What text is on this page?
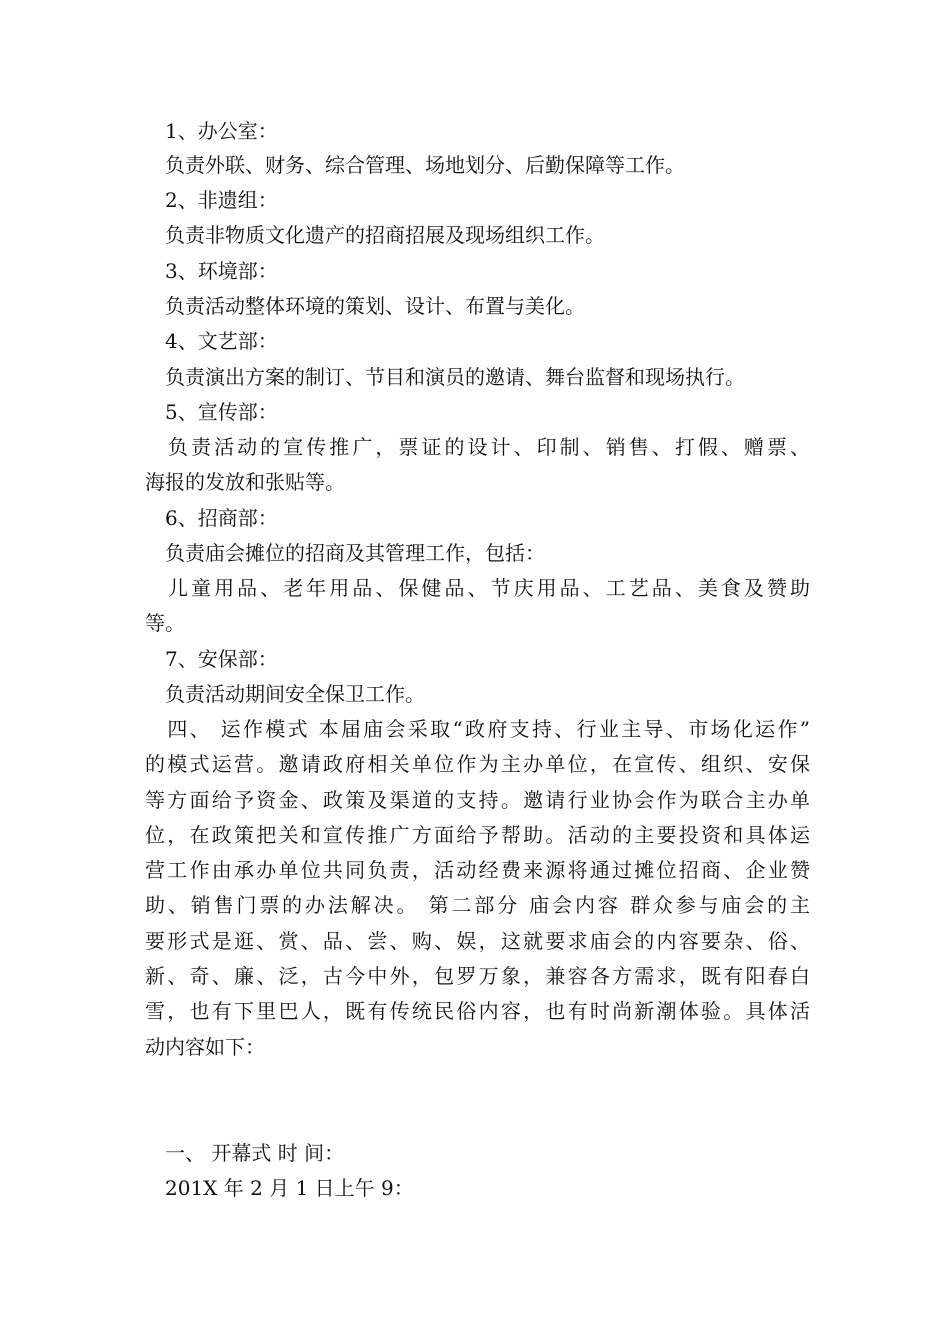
　1、办公室：
　负责外联、财务、综合管理、场地划分、后勤保障等工作。
　2、非遗组：
　负责非物质文化遗产的招商招展及现场组织工作。
　3、环境部：
　负责活动整体环境的策划、设计、布置与美化。
　4、文艺部：
　负责演出方案的制订、节目和演员的邀请、舞台监督和现场执行。
　5、宣传部：
　负责活动的宣传推广，票证的设计、印制、销售、打假、赠票、
海报的发放和张贴等。
　6、招商部：
　负责庙会摊位的招商及其管理工作，包括：
　儿童用品、老年用品、保健品、节庆用品、工艺品、美食及赞助
等。
　7、安保部：
　负责活动期间安全保卫工作。
　四、 运作模式 本届庙会采取“政府支持、行业主导、市场化运作”
的模式运营。邀请政府相关单位作为主办单位，在宣传、组织、安保
等方面给予资金、政策及渠道的支持。邀请行业协会作为联合主办单
位，在政策把关和宣传推广方面给予帮助。活动的主要投资和具体运
营工作由承办单位共同负责，活动经费来源将通过摊位招商、企业赞
助、销售门票的办法解决。 第二部分 庙会内容 群众参与庙会的主
要形式是逛、赏、品、尝、购、娱，这就要求庙会的内容要杂、俗、
新、奇、廉、泛，古今中外，包罗万象，兼容各方需求，既有阳春白
雪，也有下里巴人，既有传统民俗内容，也有时尚新潮体验。具体活
动内容如下：
　一、 开幕式 时 间：
　201X 年 2 月 1 日上午 9：
